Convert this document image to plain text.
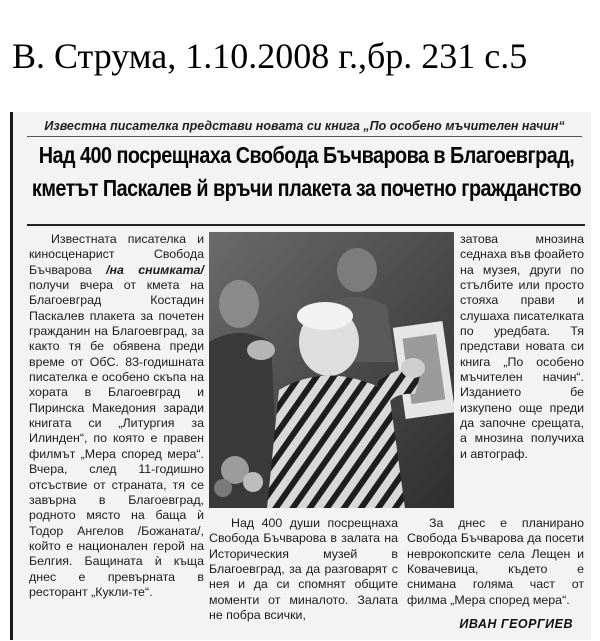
В. Струма, 1.10.2008 г.,бр. 231 с.5
Известна писателка представи новата си книга „По особено мъчителен начин“
Над 400 посрещнаха Свобода Бъчварова в Благоевград,
кметът Паскалев й връчи плакета за почетно гражданство

Известната писателка и киносценарист Свобода Бъчварова /на снимката/ получи вчера от кмета на Благоевград Костадин Паскалев плакета за почетен гражданин на Благоевград, за както тя бе обявена преди време от ОбС. 83-годишната писателка е особено скъпа на хората в Благоевград и Пиринска Македония заради книгата си „Литургия за Илинден“, по която е правен филмът „Мера според мера“. Вчера, след 11-годишно отсъствие от страната, тя се завърна в Благоевград, родното място на баща ѝ Тодор Ангелов /Божаната/, който е национален герой на Белгия. Бащината ѝ къща днес е превърната в ресторант „Кукли-те“.

затова мнозина седнаха във фоайето на музея, други по стълбите или просто стояха прави и слушаха писателката по уредбата. Тя представи новата си книга „По особено мъчителен начин“. Изданието бе изкупено още преди да започне срещата, а мнозина получиха и автограф.

Над 400 души посрещнаха Свобода Бъчварова в залата на Историческия музей в Благоевград, за да разговарят с нея и да си спомнят общите моменти от миналото. Залата не побра всички,

За днес е планирано Свобода Бъчварова да посети неврокопските села Лещен и Ковачевица, където е снимана голяма част от филма „Мера според мера“.

ИВАН ГЕОРГИЕВ
